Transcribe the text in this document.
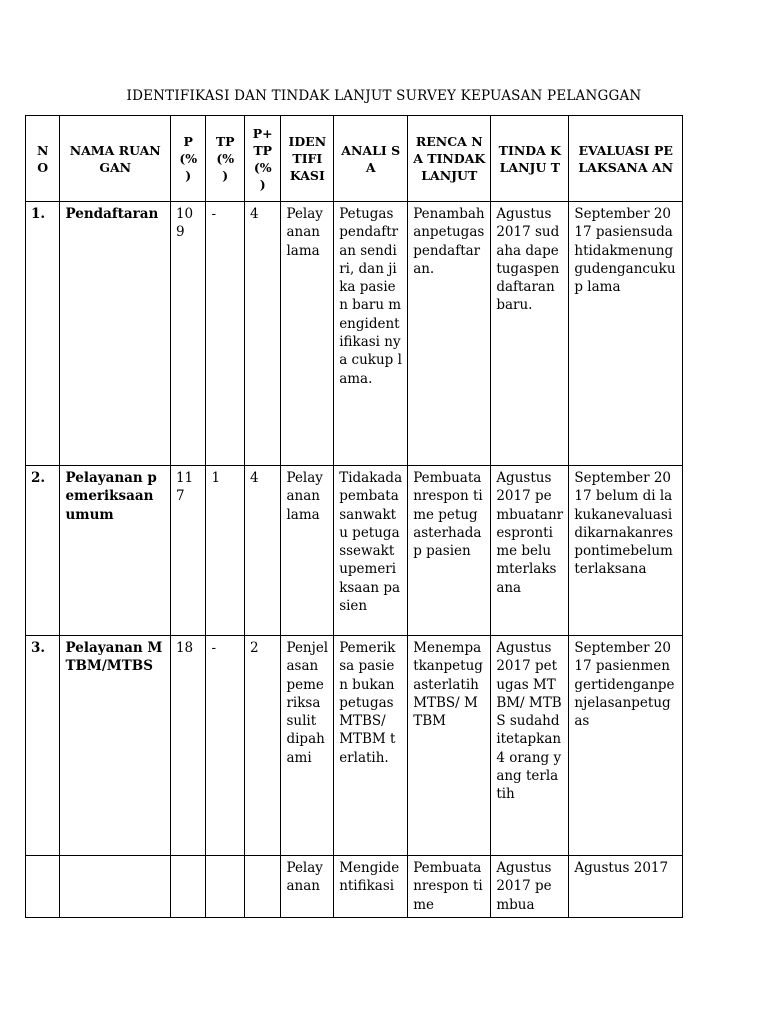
IDENTIFIKASI DAN TINDAK LANJUT SURVEY KEPUASAN PELANGGAN
N O	NAMA RUANGAN	P (% )	TP (% )	P+ TP (% )	IDEN TIFI KASI	ANALI SA	RENCA NA TINDAK LANJUT	TINDA K LANJU T	EVALUASI PELAKSANA AN
1.	Pendaftaran	109	-	4	Pelayanan lama	Petugas pendaftran sendiri, dan jika pasien baru mengidentifikasi nya cukup lama.	Penambahanpetugaspendaftaran.	Agustus 2017 sudaha dapetugaspendaftaran baru.	September 2017 pasiensudahtidakmenunggudengancukup lama
2.	Pelayanan pemeriksaan umum	117	1	4	Pelayanan lama	Tidakadapembatasanwaktu petugassewaktupemeriksaan pasien	Pembuatanrespon time petugasterhadap pasien	Agustus 2017 pembuatanresprontime belumterlaksana	September 2017 belum di lakukanevaluasidikarnakanrespontimebelumterlaksana
3.	Pelayanan MTBM/MTBS	18	-	2	Penjelasan pemeriksa sulit dipahami	Pemeriksa pasien bukan petugas MTBS/ MTBM terlatih.	Menempatkanpetugasterlatih MTBS/ MTBM	Agustus 2017 petugas MTBM/ MTBS sudahditetapkan 4 orang yang terlatih	September 2017 pasienmengertidenganpenjelasanpetugas
					Pelayanan	Mengidentifikasi	Pembuatanrespon time	Agustus 2017 pembua	Agustus 2017
